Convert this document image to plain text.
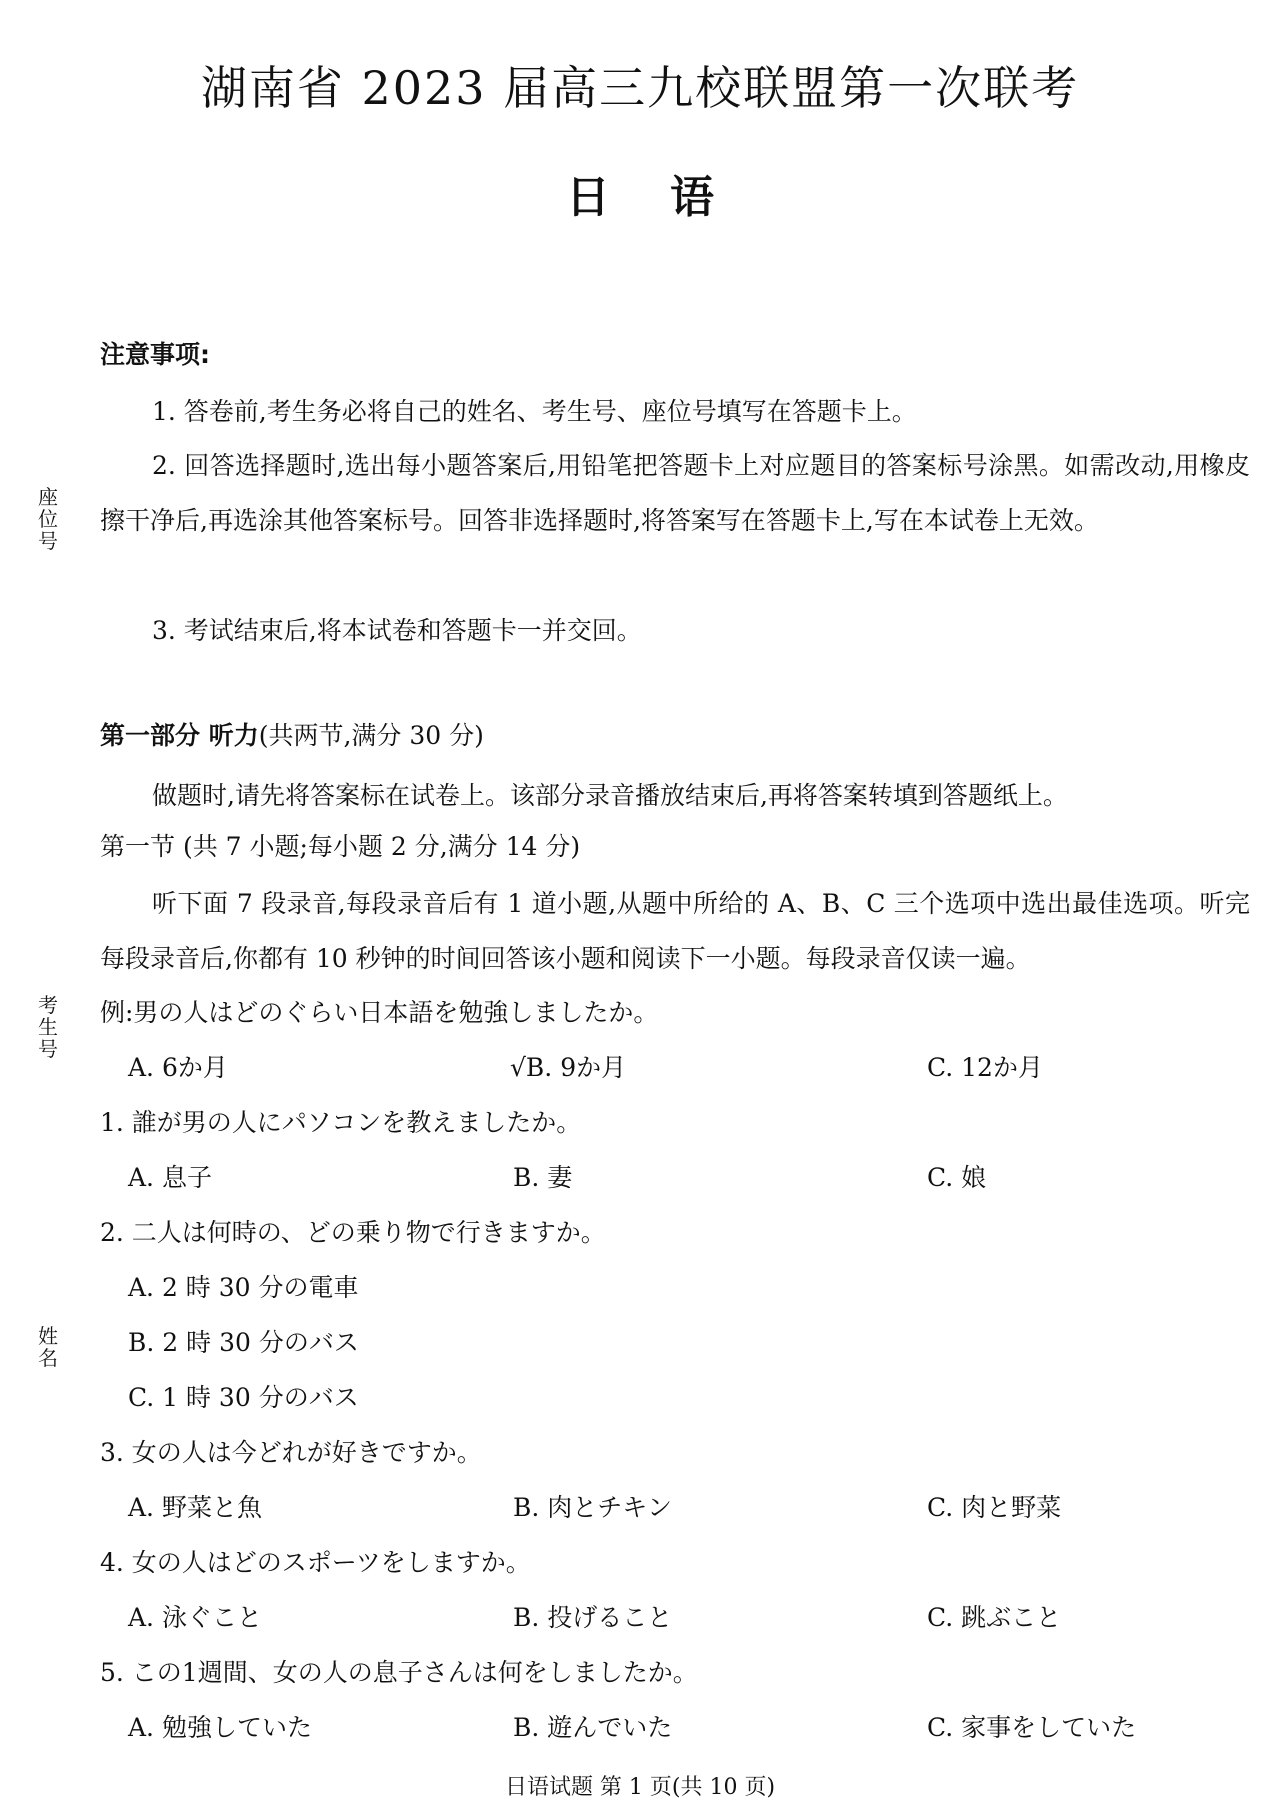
座位号
考生号
姓名
湖南省 2023 届高三九校联盟第一次联考
日语
注意事项:
1. 答卷前,考生务必将自己的姓名、考生号、座位号填写在答题卡上。
2. 回答选择题时,选出每小题答案后,用铅笔把答题卡上对应题目的答案标号涂黑。如需改动,用橡皮擦干净后,再选涂其他答案标号。回答非选择题时,将答案写在答题卡上,写在本试卷上无效。
3. 考试结束后,将本试卷和答题卡一并交回。
第一部分 听力(共两节,满分 30 分)
做题时,请先将答案标在试卷上。该部分录音播放结束后,再将答案转填到答题纸上。
第一节 (共 7 小题;每小题 2 分,满分 14 分)
听下面 7 段录音,每段录音后有 1 道小题,从题中所给的 A、B、C 三个选项中选出最佳选项。听完每段录音后,你都有 10 秒钟的时间回答该小题和阅读下一小题。每段录音仅读一遍。
例:男の人はどのぐらい日本語を勉強しましたか。
A. 6か月	√B. 9か月	C. 12か月
1. 誰が男の人にパソコンを教えましたか。
A. 息子	B. 妻	C. 娘
2. 二人は何時の、どの乗り物で行きますか。
A. 2 時 30 分の電車
B. 2 時 30 分のバス
C. 1 時 30 分のバス
3. 女の人は今どれが好きですか。
A. 野菜と魚	B. 肉とチキン	C. 肉と野菜
4. 女の人はどのスポーツをしますか。
A. 泳ぐこと	B. 投げること	C. 跳ぶこと
5. この1週間、女の人の息子さんは何をしましたか。
A. 勉強していた	B. 遊んでいた	C. 家事をしていた
日语试题 第 1 页(共 10 页)
